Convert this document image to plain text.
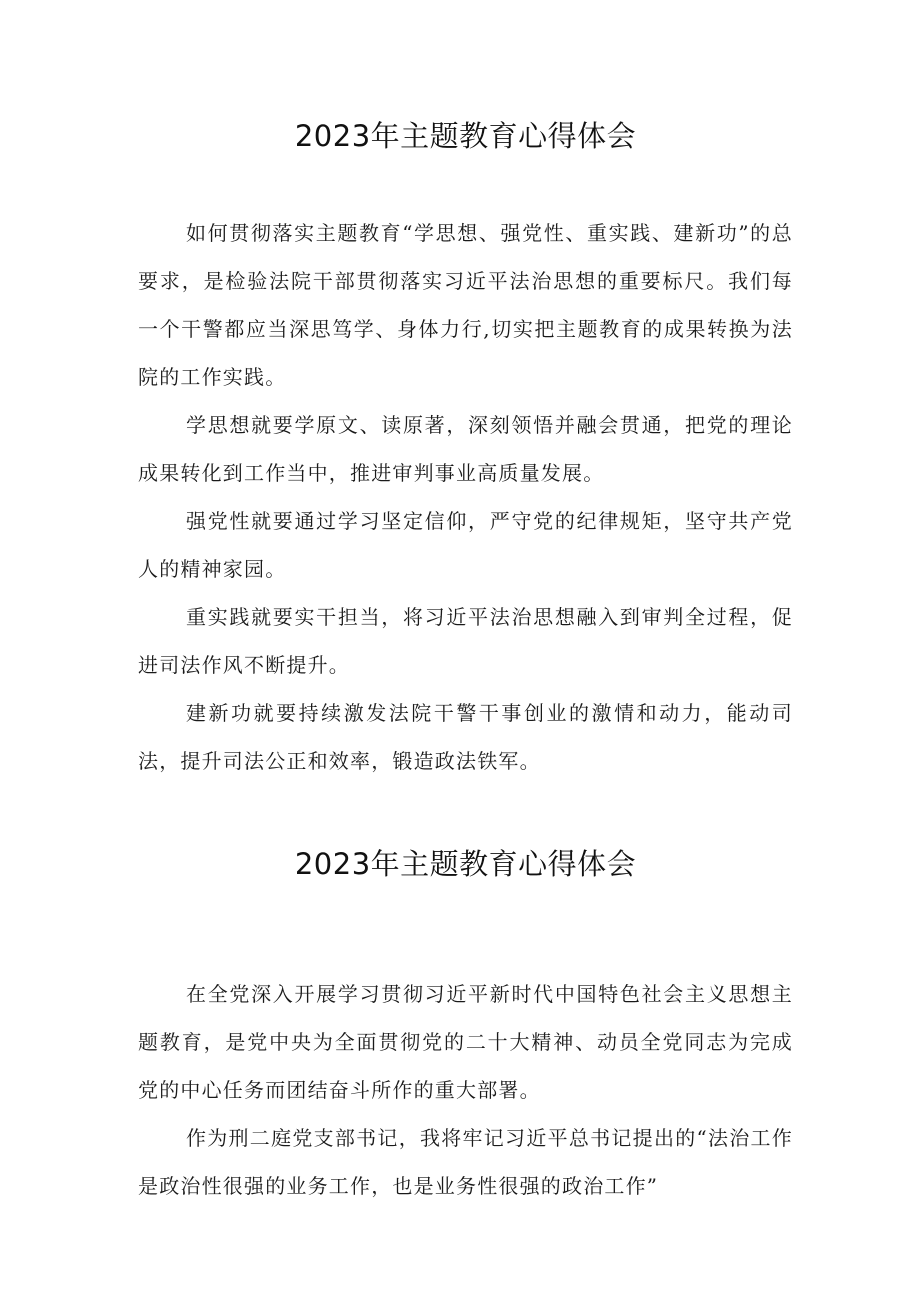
2023年主题教育心得体会

如何贯彻落实主题教育“学思想、强党性、重实践、建新功”的总要求，是检验法院干部贯彻落实习近平法治思想的重要标尺。我们每一个干警都应当深思笃学、身体力行,切实把主题教育的成果转换为法院的工作实践。

学思想就要学原文、读原著，深刻领悟并融会贯通，把党的理论成果转化到工作当中，推进审判事业高质量发展。

强党性就要通过学习坚定信仰，严守党的纪律规矩，坚守共产党人的精神家园。

重实践就要实干担当，将习近平法治思想融入到审判全过程，促进司法作风不断提升。

建新功就要持续激发法院干警干事创业的激情和动力，能动司法，提升司法公正和效率，锻造政法铁军。

2023年主题教育心得体会

在全党深入开展学习贯彻习近平新时代中国特色社会主义思想主题教育，是党中央为全面贯彻党的二十大精神、动员全党同志为完成党的中心任务而团结奋斗所作的重大部署。

作为刑二庭党支部书记，我将牢记习近平总书记提出的“法治工作是政治性很强的业务工作，也是业务性很强的政治工作”
